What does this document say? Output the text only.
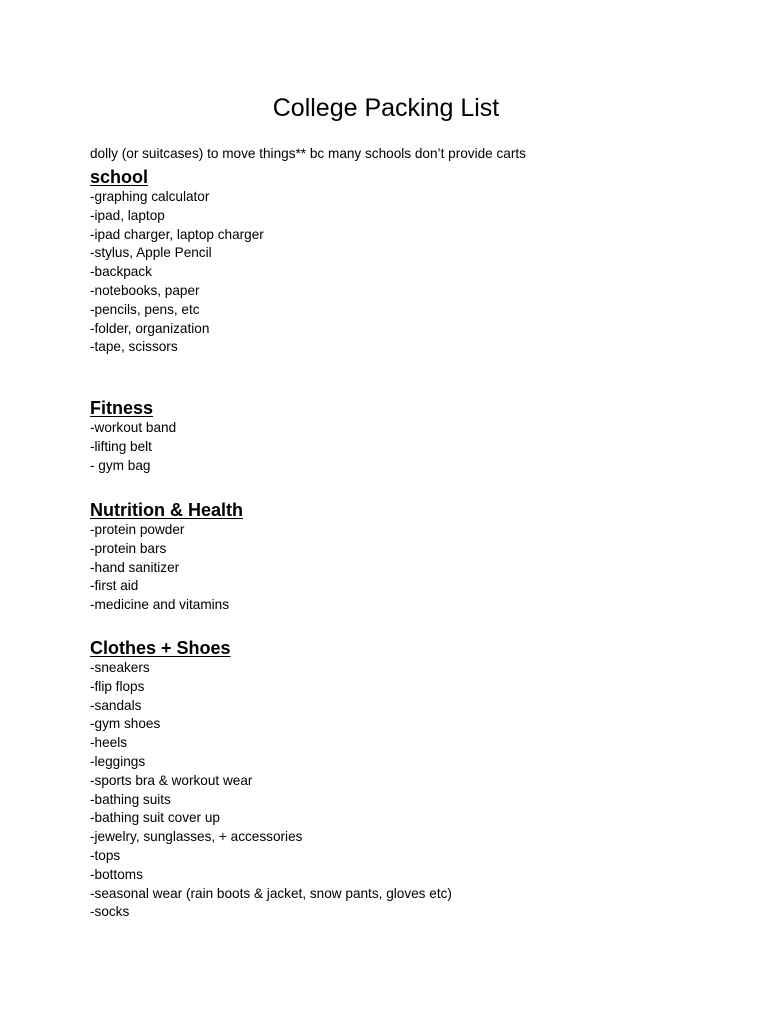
College Packing List

dolly (or suitcases) to move things** bc many schools don’t provide carts

school
-graphing calculator
-ipad, laptop
-ipad charger, laptop charger
-stylus, Apple Pencil
-backpack
-notebooks, paper
-pencils, pens, etc
-folder, organization
-tape, scissors
Fitness
-workout band
-lifting belt
- gym bag
Nutrition & Health
-protein powder
-protein bars
-hand sanitizer
-first aid
-medicine and vitamins
Clothes + Shoes
-sneakers
-flip flops
-sandals
-gym shoes
-heels
-leggings
-sports bra & workout wear
-bathing suits
-bathing suit cover up
-jewelry, sunglasses, + accessories
-tops
-bottoms
-seasonal wear (rain boots & jacket, snow pants, gloves etc)
-socks
